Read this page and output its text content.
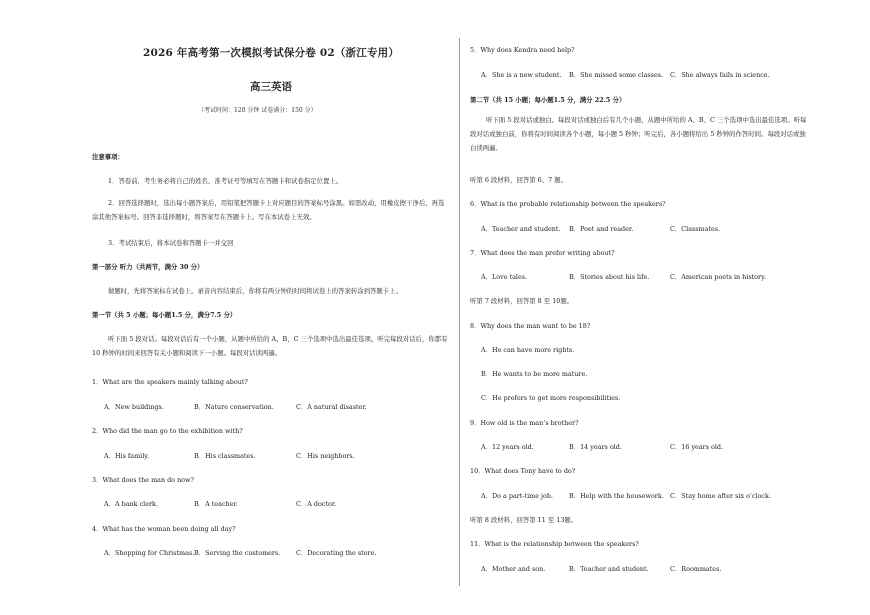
2026 年高考第一次模拟考试保分卷 02（浙江专用）
高三英语
（考试时间：120 分钟 试卷满分：150 分）
注意事项：
1．答卷前，考生务必将自己的姓名、准考证号等填写在答题卡和试卷指定位置上。
2．回答选择题时，选出每小题答案后，用铅笔把答题卡上对应题目的答案标号涂黑。如需改动，用橡皮擦干净后，再选涂其他答案标号。回答非选择题时，将答案写在答题卡上。写在本试卷上无效。
3．考试结束后，将本试卷和答题卡一并交回
第一部分 听力（共两节，满分 30 分）
做题时，先将答案标在试卷上。录音内容结束后，你将有两分钟的时间将试卷上的答案转涂到答题卡上。
第一节（共 5 小题；每小题1.5 分，满分7.5 分）
听下面 5 段对话。每段对话后有一个小题，从题中所给的 A、B、C 三个选项中选出最佳选项。听完每段对话后，你都有 10 秒钟的时间来回答有关小题和阅读下一小题。每段对话读两遍。
1．What are the speakers mainly talking about?
A．New buildings.	B．Nature conservation.	C．A natural disaster.
2．Who did the man go to the exhibition with?
A．His family.	B．His classmates.	C．His neighbors.
3．What does the man do now?
A．A bank clerk.	B．A teacher.	C．A doctor.
4．What has the woman been doing all day?
A．Shopping for Christmas. B．Serving the customers. C．Decorating the store.
5．Why does Kendra need help?
A．She is a new student. B．She missed some classes. C．She always fails in science.
第二节（共 15 小题；每小题1.5 分，满分 22.5 分）
听下面 5 段对话或独白。每段对话或独白后有几个小题，从题中所给的 A、B、C 三个选项中选出最佳选项。听每段对话或独白前，你将有时间阅读各个小题，每小题 5 秒钟；听完后，各小题将给出 5 秒钟的作答时间。每段对话或独白读两遍。
听第 6 段材料，回答第 6、7 题。
6．What is the probable relationship between the speakers?
A．Teacher and student. B．Poet and reader.	C．Classmates.
7．What does the man prefer writing about?
A．Love tales.	B．Stories about his life.	C．American poets in history.
听第 7 段材料，回答第 8 至 10题。
8．Why does the man want to be 18?
A．He can have more rights.
B．He wants to be more mature.
C．He prefers to get more responsibilities.
9．How old is the man’s brother?
A．12 years old.	B．14 years old.	C．16 years old.
10．What does Tony have to do?
A．Do a part-time job.	B．Help with the housework. C．Stay home after six o’clock.
听第 8 段材料，回答第 11 至 13题。
11．What is the relationship between the speakers?
A．Mother and son.	B．Teacher and student.	C．Roommates.
